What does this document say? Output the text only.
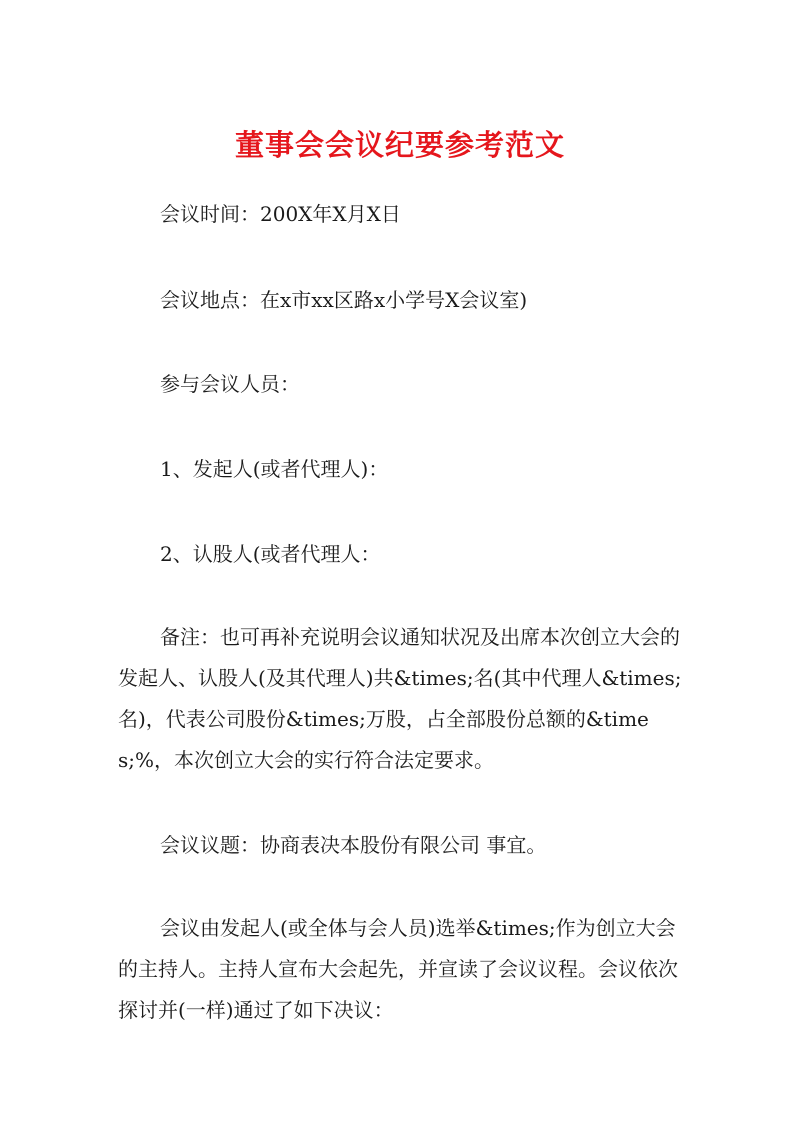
董事会会议纪要参考范文

会议时间：200X年X月X日

会议地点：在x市xx区路x小学号X会议室)

参与会议人员：

1、发起人(或者代理人)：

2、认股人(或者代理人：

备注：也可再补充说明会议通知状况及出席本次创立大会的发起人、认股人(及其代理人)共&times;名(其中代理人&times;名)，代表公司股份&times;万股，占全部股份总额的&times;%，本次创立大会的实行符合法定要求。

会议议题：协商表决本股份有限公司 事宜。

会议由发起人(或全体与会人员)选举&times;作为创立大会的主持人。主持人宣布大会起先，并宣读了会议议程。会议依次探讨并(一样)通过了如下决议：
